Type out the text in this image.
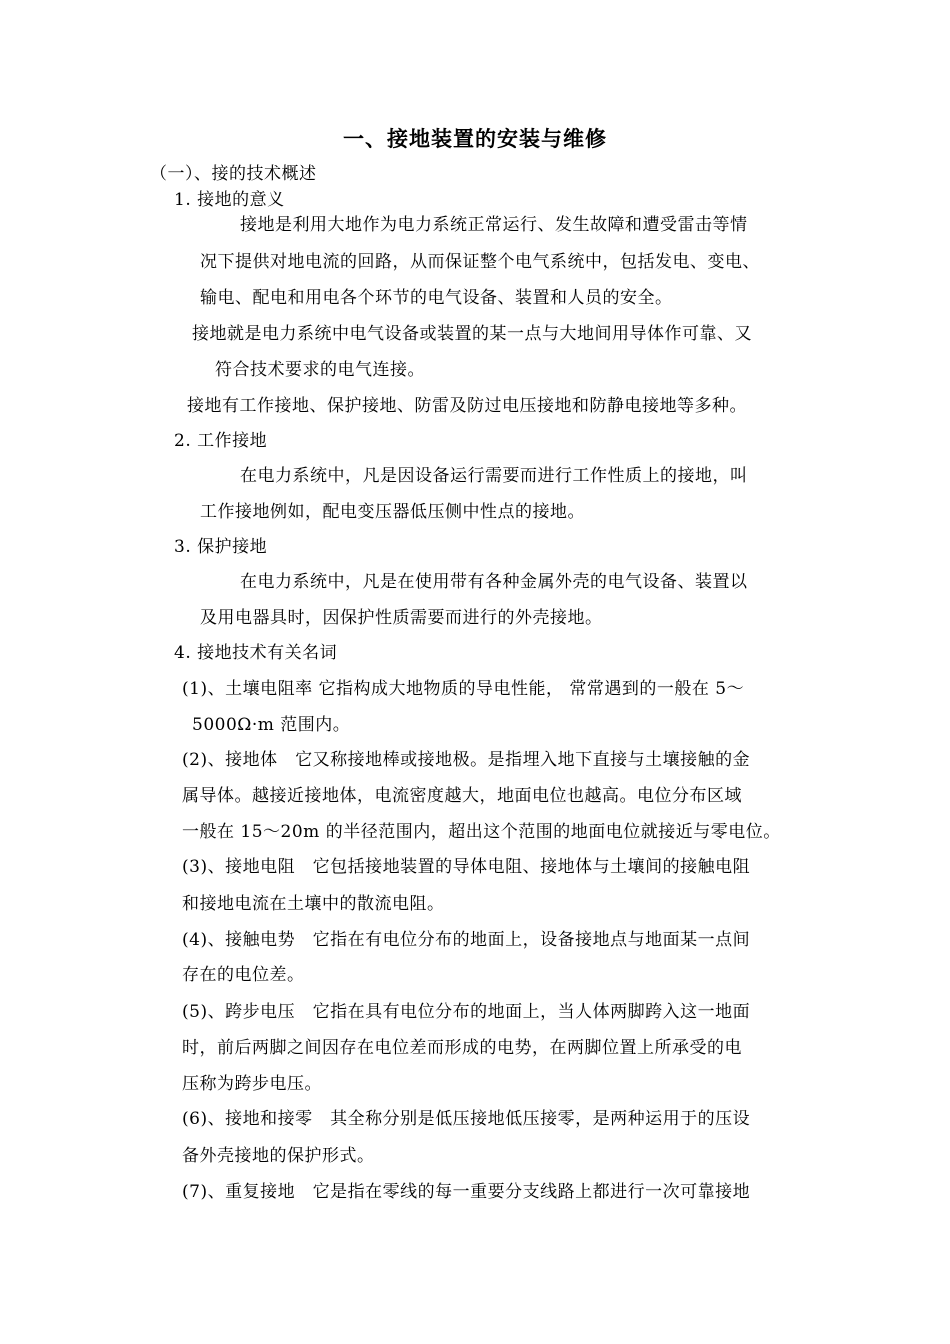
一、接地装置的安装与维修
（一）、接的技术概述
1. 接地的意义
接地是利用大地作为电力系统正常运行、发生故障和遭受雷击等情
况下提供对地电流的回路，从而保证整个电气系统中，包括发电、变电、
输电、配电和用电各个环节的电气设备、装置和人员的安全。
接地就是电力系统中电气设备或装置的某一点与大地间用导体作可靠、又
符合技术要求的电气连接。
接地有工作接地、保护接地、防雷及防过电压接地和防静电接地等多种。
2. 工作接地
在电力系统中，凡是因设备运行需要而进行工作性质上的接地，叫
工作接地例如，配电变压器低压侧中性点的接地。
3. 保护接地
在电力系统中，凡是在使用带有各种金属外壳的电气设备、装置以
及用电器具时，因保护性质需要而进行的外壳接地。
4. 接地技术有关名词
(1)、土壤电阻率 它指构成大地物质的导电性能， 常常遇到的一般在 5～
5000Ω·m 范围内。
(2)、接地体　它又称接地棒或接地极。是指埋入地下直接与土壤接触的金
属导体。越接近接地体，电流密度越大，地面电位也越高。电位分布区域
一般在 15～20m 的半径范围内，超出这个范围的地面电位就接近与零电位。
(3)、接地电阻　它包括接地装置的导体电阻、接地体与土壤间的接触电阻
和接地电流在土壤中的散流电阻。
(4)、接触电势　它指在有电位分布的地面上，设备接地点与地面某一点间
存在的电位差。
(5)、跨步电压　它指在具有电位分布的地面上，当人体两脚跨入这一地面
时，前后两脚之间因存在电位差而形成的电势，在两脚位置上所承受的电
压称为跨步电压。
(6)、接地和接零　其全称分别是低压接地低压接零，是两种运用于的压设
备外壳接地的保护形式。
(7)、重复接地　它是指在零线的每一重要分支线路上都进行一次可靠接地
